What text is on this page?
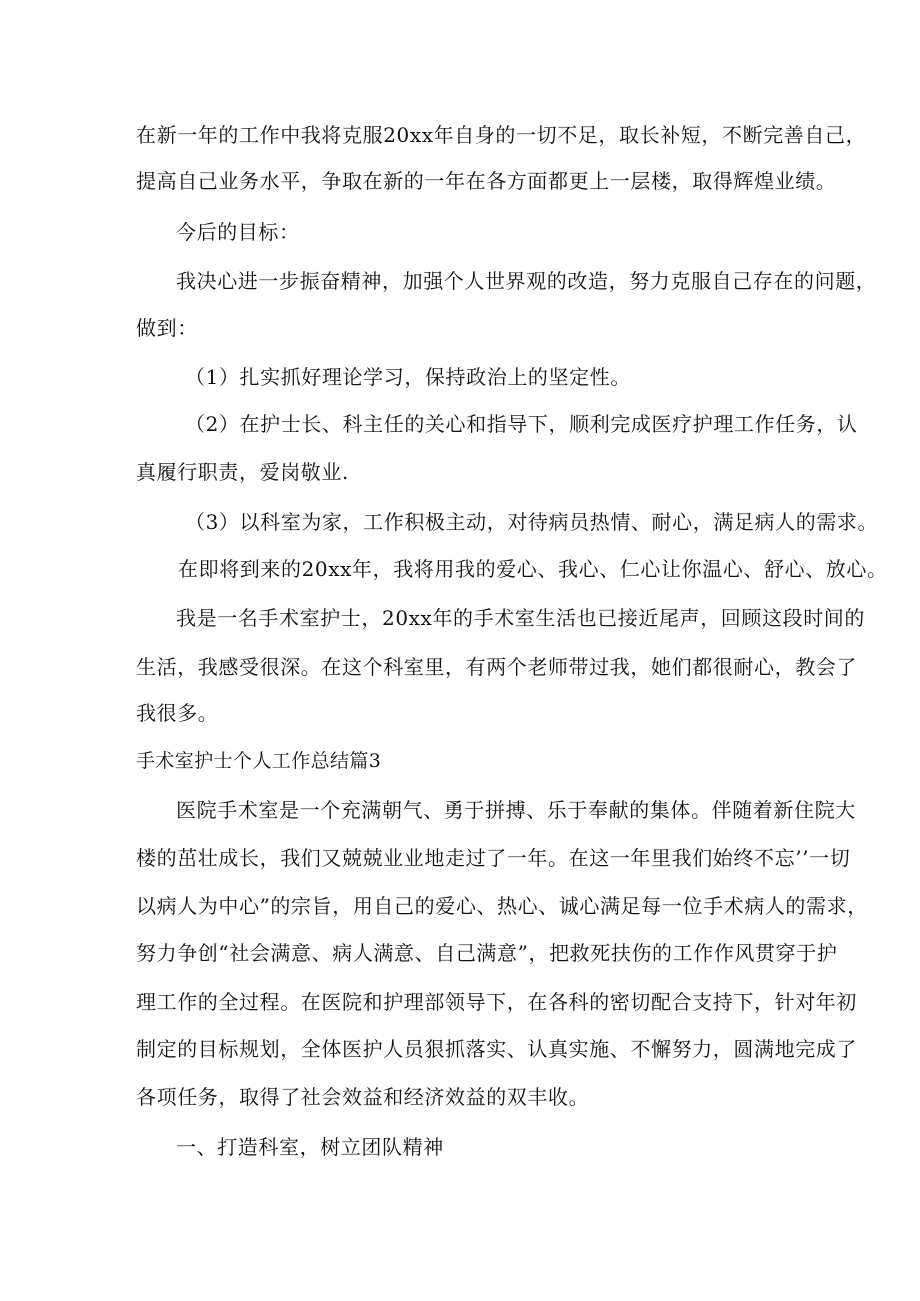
在新一年的工作中我将克服20xx年自身的一切不足，取长补短，不断完善自己，
提高自己业务水平，争取在新的一年在各方面都更上一层楼，取得辉煌业绩。
今后的目标：
我决心进一步振奋精神，加强个人世界观的改造，努力克服自己存在的问题，
做到：
（1）扎实抓好理论学习，保持政治上的坚定性。
（2）在护士长、科主任的关心和指导下，顺利完成医疗护理工作任务，认
真履行职责，爱岗敬业.
（3）以科室为家，工作积极主动，对待病员热情、耐心，满足病人的需求。
在即将到来的20xx年，我将用我的爱心、我心、仁心让你温心、舒心、放心。
我是一名手术室护士，20xx年的手术室生活也已接近尾声，回顾这段时间的
生活，我感受很深。在这个科室里，有两个老师带过我，她们都很耐心，教会了
我很多。
手术室护士个人工作总结篇3
医院手术室是一个充满朝气、勇于拼搏、乐于奉献的集体。伴随着新住院大
楼的茁壮成长，我们又兢兢业业地走过了一年。在这一年里我们始终不忘’’一切
以病人为中心”的宗旨，用自己的爱心、热心、诚心满足每一位手术病人的需求，
努力争创“社会满意、病人满意、自己满意”，把救死扶伤的工作作风贯穿于护
理工作的全过程。在医院和护理部领导下，在各科的密切配合支持下，针对年初
制定的目标规划，全体医护人员狠抓落实、认真实施、不懈努力，圆满地完成了
各项任务，取得了社会效益和经济效益的双丰收。
一、打造科室，树立团队精神
